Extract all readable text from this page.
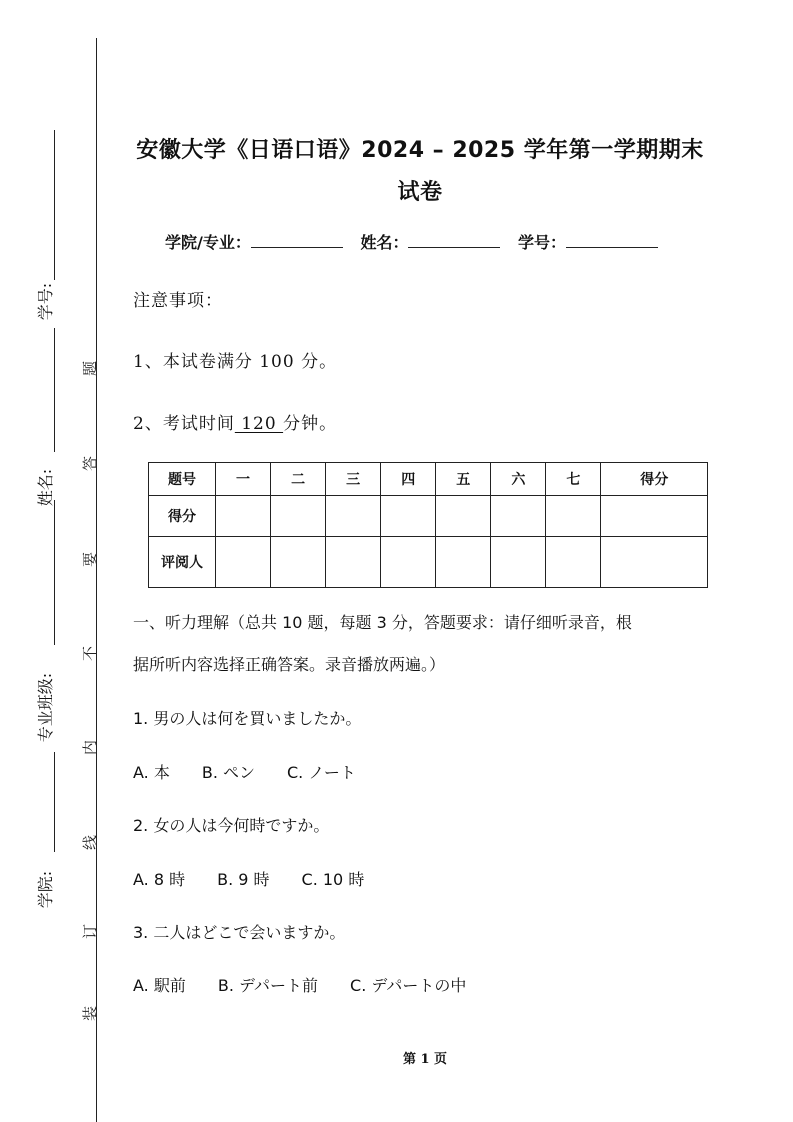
学号:
姓名:
专业班级:
学院:
题
答
要
不
内
线
订
装
安徽大学《日语口语》2024 – 2025 学年第一学期期末
试卷
学院/专业：	姓名：	学号：
注意事项：
1、本试卷满分 100 分。
2、考试时间 120 分钟。
题号	一	二	三	四	五	六	七	得分
得分								
评阅人								
一、听力理解（总共 10 题，每题 3 分，答题要求：请仔细听录音，根
据所听内容选择正确答案。录音播放两遍。）
1. 男の人は何を買いましたか。
A. 本 B. ペン C. ノート
2. 女の人は今何時ですか。
A. 8 時 B. 9 時 C. 10 時
3. 二人はどこで会いますか。
A. 駅前 B. デパート前 C. デパートの中
第 1 页
